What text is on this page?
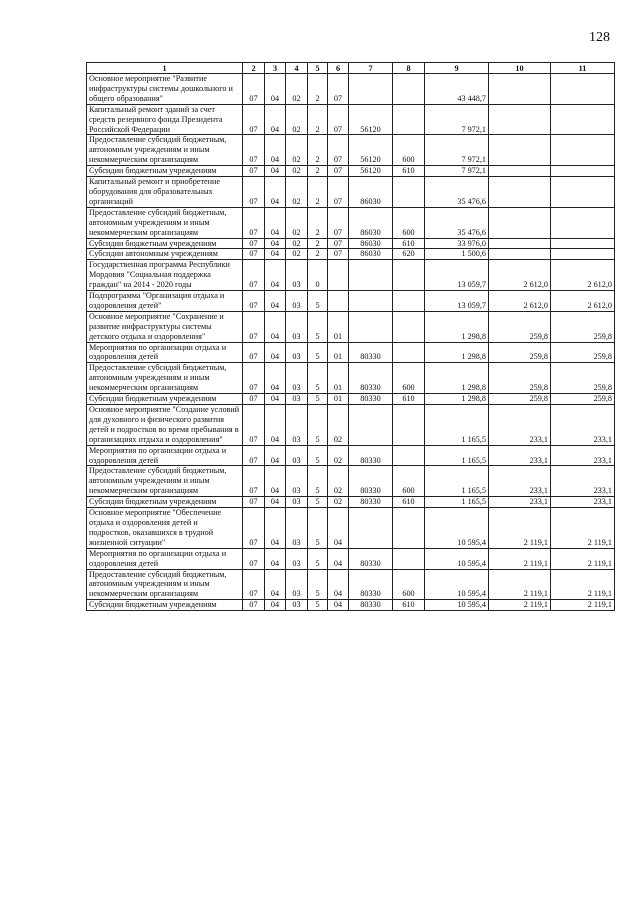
128
1	2	3	4	5	6	7	8	9	10	11
Основное мероприятие "Развитие инфраструктуры системы дошкольного и общего образования"	07	04	02	2	07			43 448,7		
Капитальный ремонт зданий за счет средств резервного фонда Президента Российской Федерации	07	04	02	2	07	56120		7 972,1		
Предоставление субсидий бюджетным, автономным учреждениям и иным некоммерческим организациям	07	04	02	2	07	56120	600	7 972,1		
Субсидии бюджетным учреждениям	07	04	02	2	07	56120	610	7 972,1		
Капитальный ремонт и приобретение оборудования для образовательных организаций	07	04	02	2	07	86030		35 476,6		
Предоставление субсидий бюджетным, автономным учреждениям и иным некоммерческим организациям	07	04	02	2	07	86030	600	35 476,6		
Субсидии бюджетным учреждениям	07	04	02	2	07	86030	610	33 976,0		
Субсидии автономным учреждениям	07	04	02	2	07	86030	620	1 500,6		
Государственная программа Республики Мордовия "Социальная поддержка граждан" на 2014 - 2020 годы	07	04	03	0				13 059,7	2 612,0	2 612,0
Подпрограмма "Организация отдыха и оздоровления детей"	07	04	03	5				13 059,7	2 612,0	2 612,0
Основное мероприятие "Сохранение и развитие инфраструктуры системы детского отдыха и оздоровления"	07	04	03	5	01			1 298,8	259,8	259,8
Мероприятия по организации отдыха и оздоровления детей	07	04	03	5	01	80330		1 298,8	259,8	259,8
Предоставление субсидий бюджетным, автономным учреждениям и иным некоммерческим организациям	07	04	03	5	01	80330	600	1 298,8	259,8	259,8
Субсидии бюджетным учреждениям	07	04	03	5	01	80330	610	1 298,8	259,8	259,8
Основное мероприятие "Создание условий для духовного и физического развития детей и подростков во время пребывания в организациях отдыха и оздоровления"	07	04	03	5	02			1 165,5	233,1	233,1
Мероприятия по организации отдыха и оздоровления детей	07	04	03	5	02	80330		1 165,5	233,1	233,1
Предоставление субсидий бюджетным, автономным учреждениям и иным некоммерческим организациям	07	04	03	5	02	80330	600	1 165,5	233,1	233,1
Субсидии бюджетным учреждениям	07	04	03	5	02	80330	610	1 165,5	233,1	233,1
Основное мероприятие "Обеспечение отдыха и оздоровления детей и подростков, оказавшихся в трудной жизненной ситуации"	07	04	03	5	04			10 595,4	2 119,1	2 119,1
Мероприятия по организации отдыха и оздоровления детей	07	04	03	5	04	80330		10 595,4	2 119,1	2 119,1
Предоставление субсидий бюджетным, автономным учреждениям и иным некоммерческим организациям	07	04	03	5	04	80330	600	10 595,4	2 119,1	2 119,1
Субсидии бюджетным учреждениям	07	04	03	5	04	80330	610	10 595,4	2 119,1	2 119,1
